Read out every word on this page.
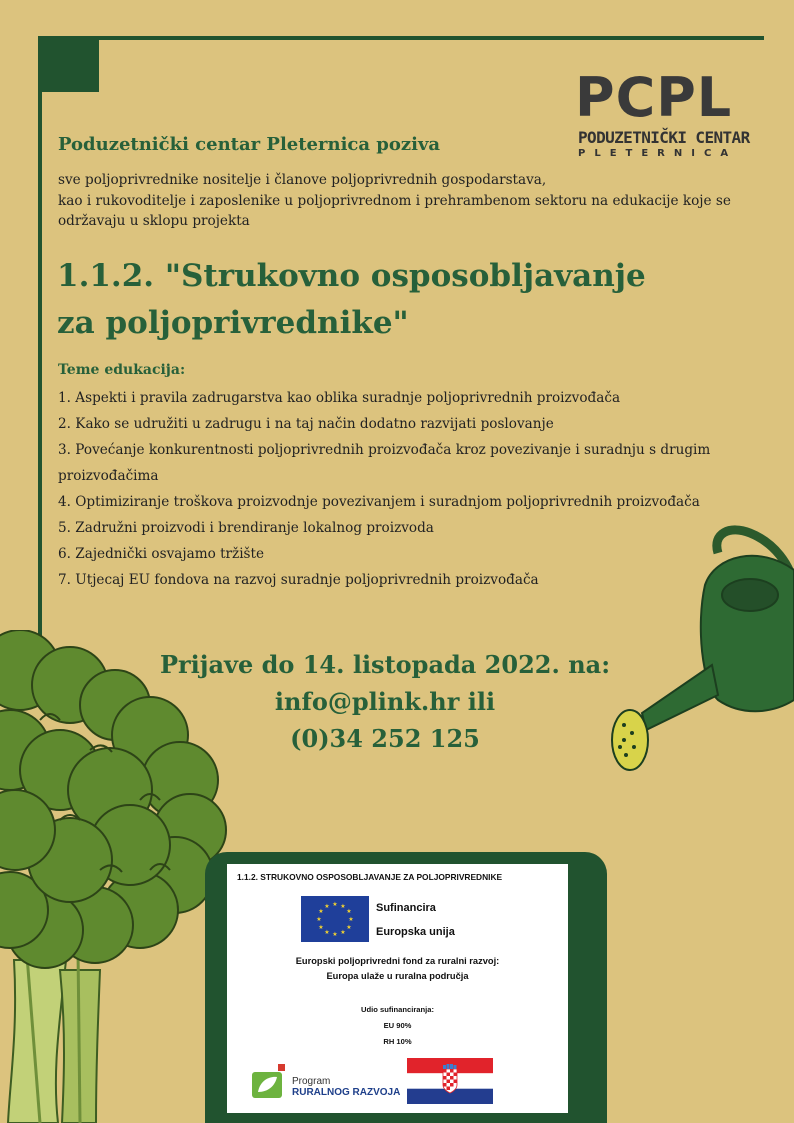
PCPL
PODUZETNIČKI CENTAR
PLETERNICA
Poduzetnički centar Pleternica poziva

sve poljoprivrednike nositelje i članove poljoprivrednih gospodarstava,
kao i rukovoditelje i zaposlenike u poljoprivrednom i prehrambenom sektoru na edukacije koje se
održavaju u sklopu projekta

1.1.2. "Strukovno osposobljavanje
za poljoprivrednike"
Teme edukacija:
1. Aspekti i pravila zadrugarstva kao oblika suradnje poljoprivrednih proizvođača
2. Kako se udružiti u zadrugu i na taj način dodatno razvijati poslovanje
3. Povećanje konkurentnosti poljoprivrednih proizvođača kroz povezivanje i suradnju s drugim proizvođačima
4. Optimiziranje troškova proizvodnje povezivanjem i suradnjom poljoprivrednih proizvođača
5. Zadružni proizvodi i brendiranje lokalnog proizvoda
6. Zajednički osvajamo tržište
7. Utjecaj EU fondova na razvoj suradnje poljoprivrednih proizvođača
Prijave do 14. listopada 2022. na:
info@plink.hr ili
(0)34 252 125
1.1.2. STRUKOVNO OSPOSOBLJAVANJE ZA POLJOPRIVREDNIKE
★ ★
★
★
★
★
★
★
★
★
★
★	Sufinancira
Europska unija
Europski poljoprivredni fond za ruralni razvoj:
Europa ulaže u ruralna područja
Udio sufinanciranja:
EU 90%
RH 10%
Program
RURALNOG RAZVOJA
